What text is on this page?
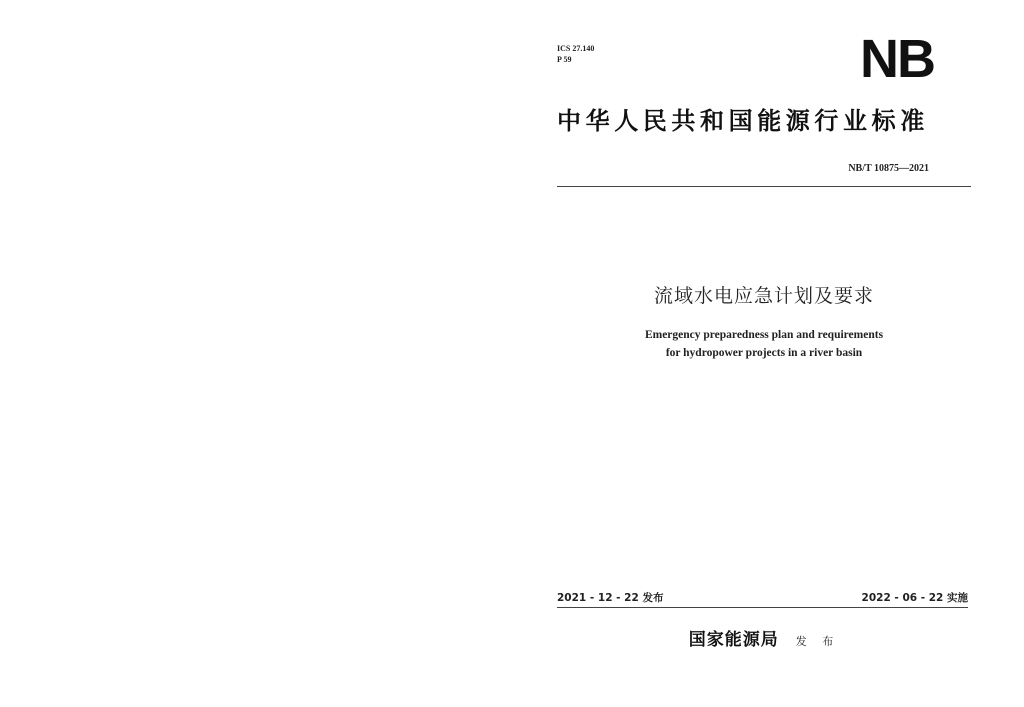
ICS 27.140
P 59	NB
中华人民共和国能源行业标准
NB/T 10875—2021
流域水电应急计划及要求
Emergency preparedness plan and requirements
for hydropower projects in a river basin
2021 - 12 - 22 发布	2022 - 06 - 22 实施
国家能源局 发 布
